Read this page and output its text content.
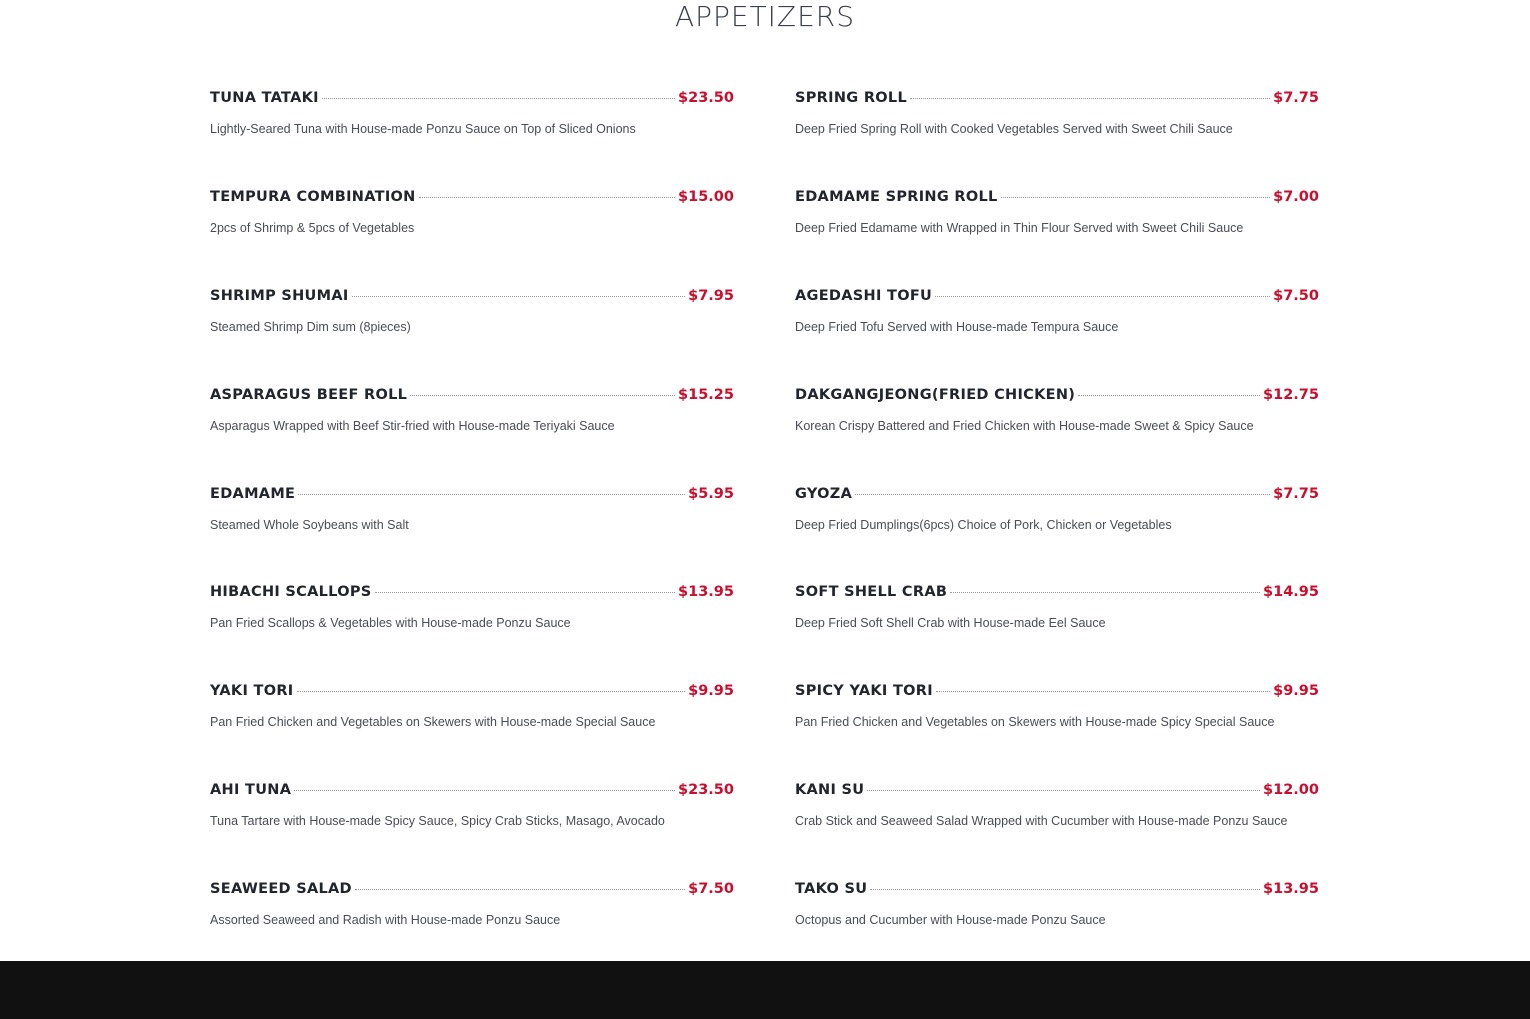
APPETIZERS
TUNA TATAKI	$23.50
Lightly-Seared Tuna with House-made Ponzu Sauce on Top of Sliced Onions
TEMPURA COMBINATION	$15.00
2pcs of Shrimp & 5pcs of Vegetables
SHRIMP SHUMAI	$7.95
Steamed Shrimp Dim sum (8pieces)
ASPARAGUS BEEF ROLL	$15.25
Asparagus Wrapped with Beef Stir-fried with House-made Teriyaki Sauce
EDAMAME	$5.95
Steamed Whole Soybeans with Salt
HIBACHI SCALLOPS	$13.95
Pan Fried Scallops & Vegetables with House-made Ponzu Sauce
YAKI TORI	$9.95
Pan Fried Chicken and Vegetables on Skewers with House-made Special Sauce
AHI TUNA	$23.50
Tuna Tartare with House-made Spicy Sauce, Spicy Crab Sticks, Masago, Avocado
SEAWEED SALAD	$7.50
Assorted Seaweed and Radish with House-made Ponzu Sauce
SPRING ROLL	$7.75
Deep Fried Spring Roll with Cooked Vegetables Served with Sweet Chili Sauce
EDAMAME SPRING ROLL	$7.00
Deep Fried Edamame with Wrapped in Thin Flour Served with Sweet Chili Sauce
AGEDASHI TOFU	$7.50
Deep Fried Tofu Served with House-made Tempura Sauce
DAKGANGJEONG(FRIED CHICKEN)	$12.75
Korean Crispy Battered and Fried Chicken with House-made Sweet & Spicy Sauce
GYOZA	$7.75
Deep Fried Dumplings(6pcs) Choice of Pork, Chicken or Vegetables
SOFT SHELL CRAB	$14.95
Deep Fried Soft Shell Crab with House-made Eel Sauce
SPICY YAKI TORI	$9.95
Pan Fried Chicken and Vegetables on Skewers with House-made Spicy Special Sauce
KANI SU	$12.00
Crab Stick and Seaweed Salad Wrapped with Cucumber with House-made Ponzu Sauce
TAKO SU	$13.95
Octopus and Cucumber with House-made Ponzu Sauce
